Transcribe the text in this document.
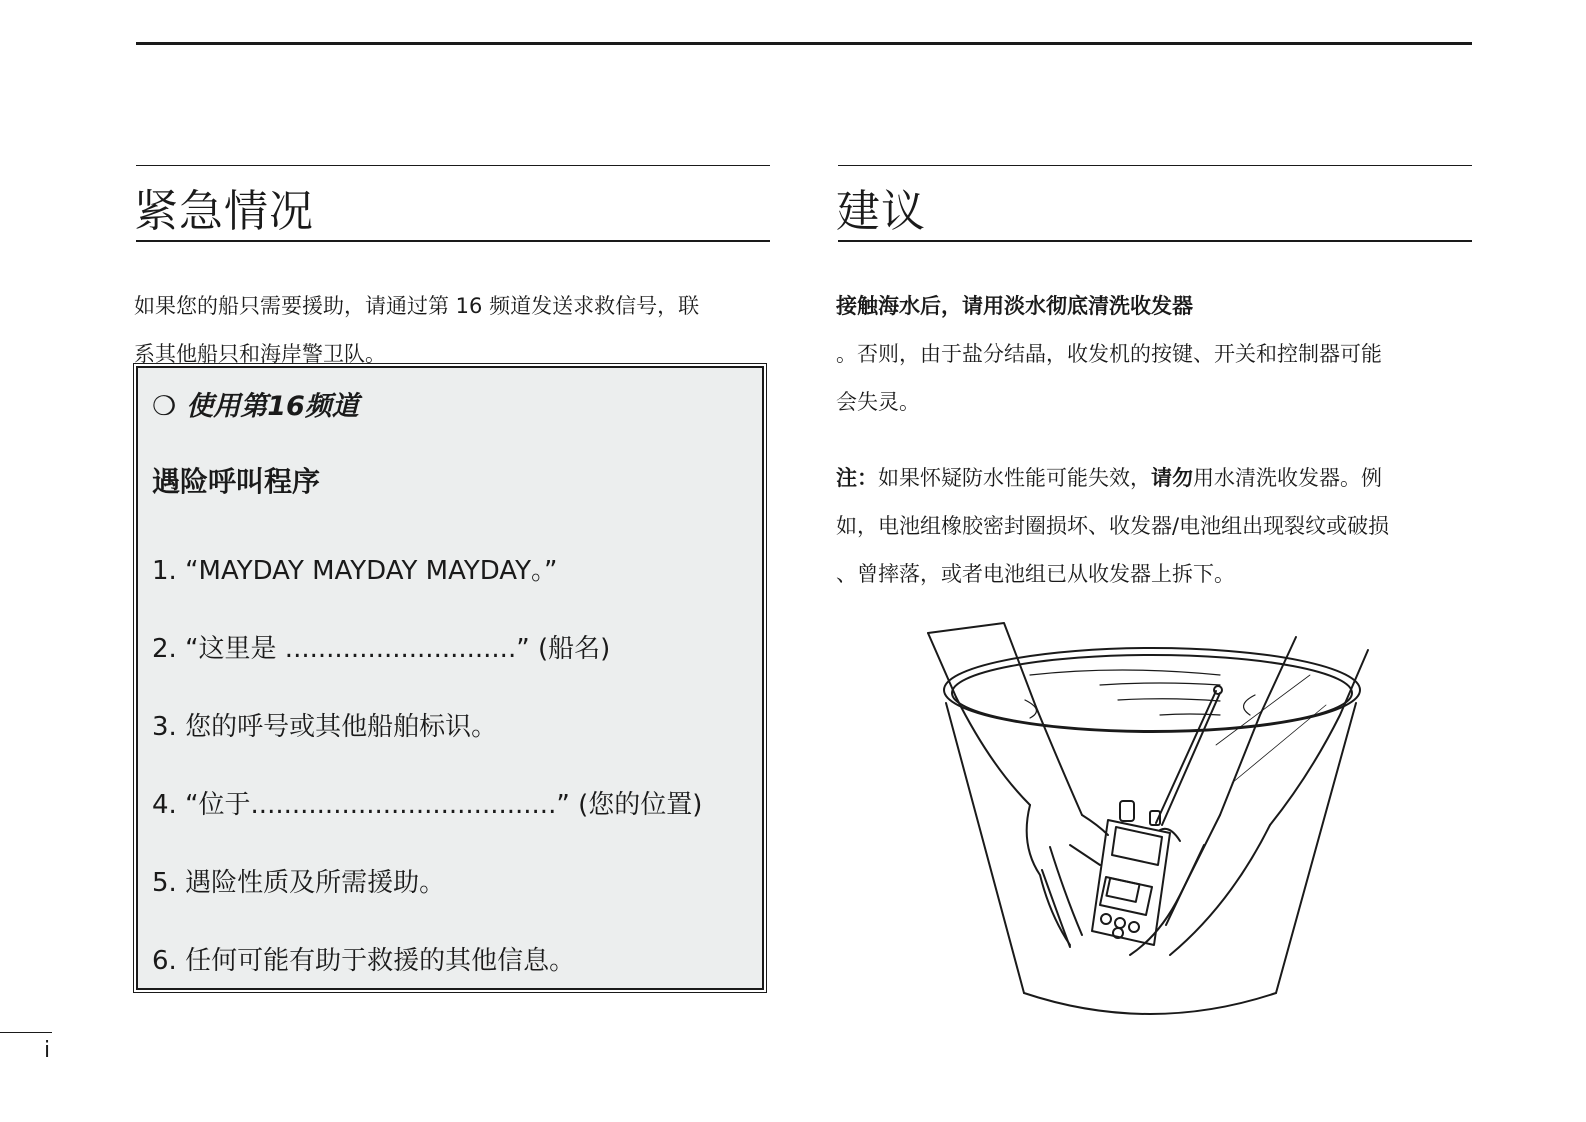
紧急情况
如果您的船只需要援助，请通过第 16 频道发送求救信号，联
系其他船只和海岸警卫队。
❍ 使用第16频道
遇险呼叫程序
1. “MAYDAY MAYDAY MAYDAY。”
2. “这里是 ............................” (船名)
3. 您的呼号或其他船舶标识。
4. “位于.....................................” (您的位置)
5. 遇险性质及所需援助。
6. 任何可能有助于救援的其他信息。
建议
接触海水后，请用淡水彻底清洗收发器
。否则，由于盐分结晶，收发机的按键、开关和控制器可能
会失灵。
注：如果怀疑防水性能可能失效，请勿用水清洗收发器。例
如，电池组橡胶密封圈损坏、收发器/电池组出现裂纹或破损
、曾摔落，或者电池组已从收发器上拆下。
i
